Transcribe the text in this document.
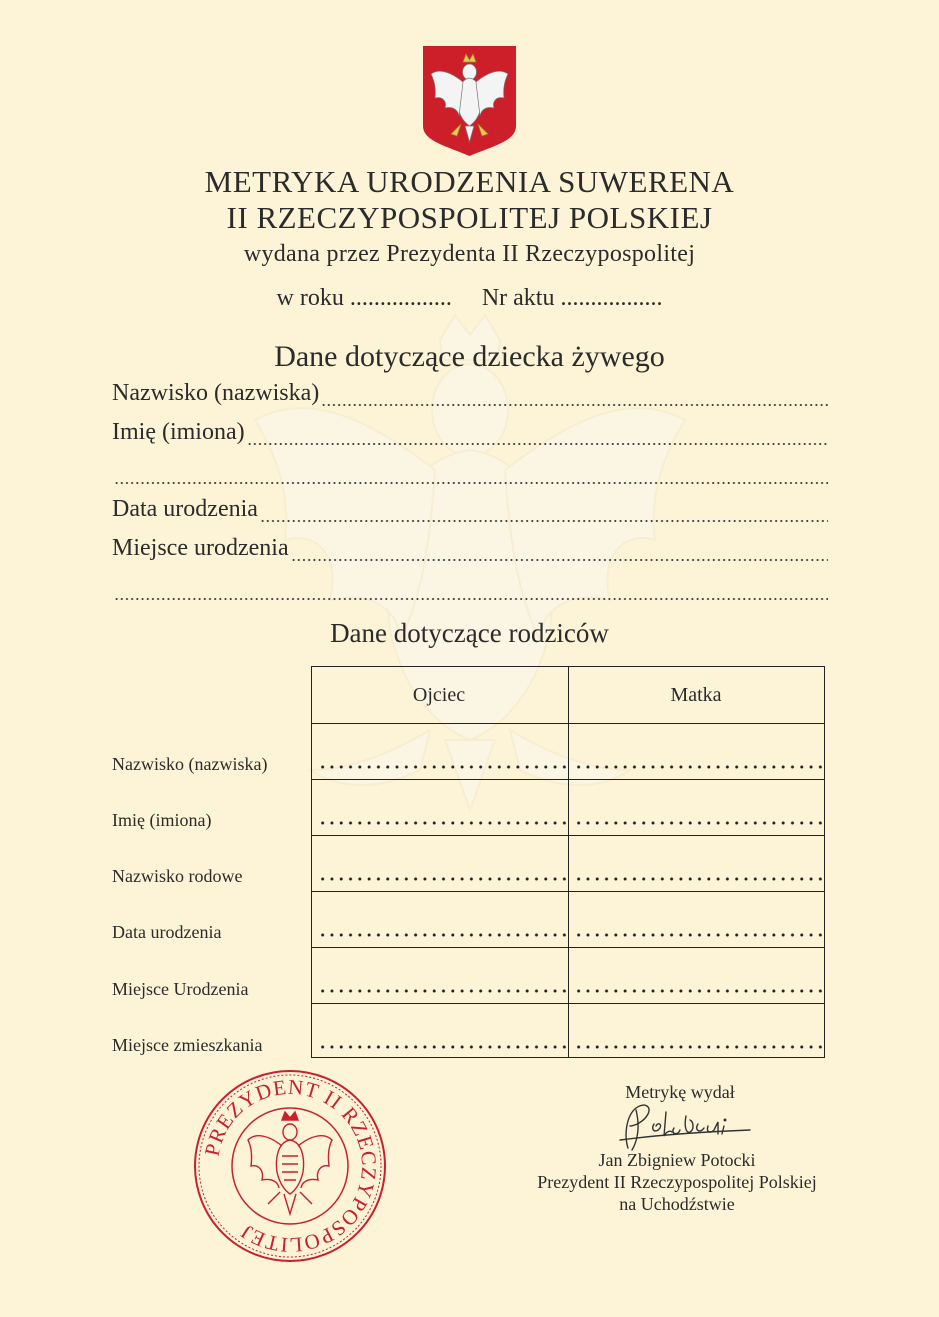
METRYKA URODZENIA SUWERENA
II RZECZYPOSPOLITEJ POLSKIEJ
wydana przez Prezydenta II Rzeczypospolitej
w roku ................. Nr aktu .................
Dane dotyczące dziecka żywego
Nazwisko (nazwiska)
Imię (imiona)
Data urodzenia
Miejsce urodzenia
Dane dotyczące rodziców
Ojciec	Matka
Nazwisko (nazwiska)
Imię (imiona)
Nazwisko rodowe
Data urodzenia
Miejsce Urodzenia
Miejsce zmieszkania
PREZYDENT II RZECZYPOSPOLITEJ
Metrykę wydał
Jan Zbigniew Potocki
Prezydent II Rzeczypospolitej Polskiej
na Uchodźstwie
